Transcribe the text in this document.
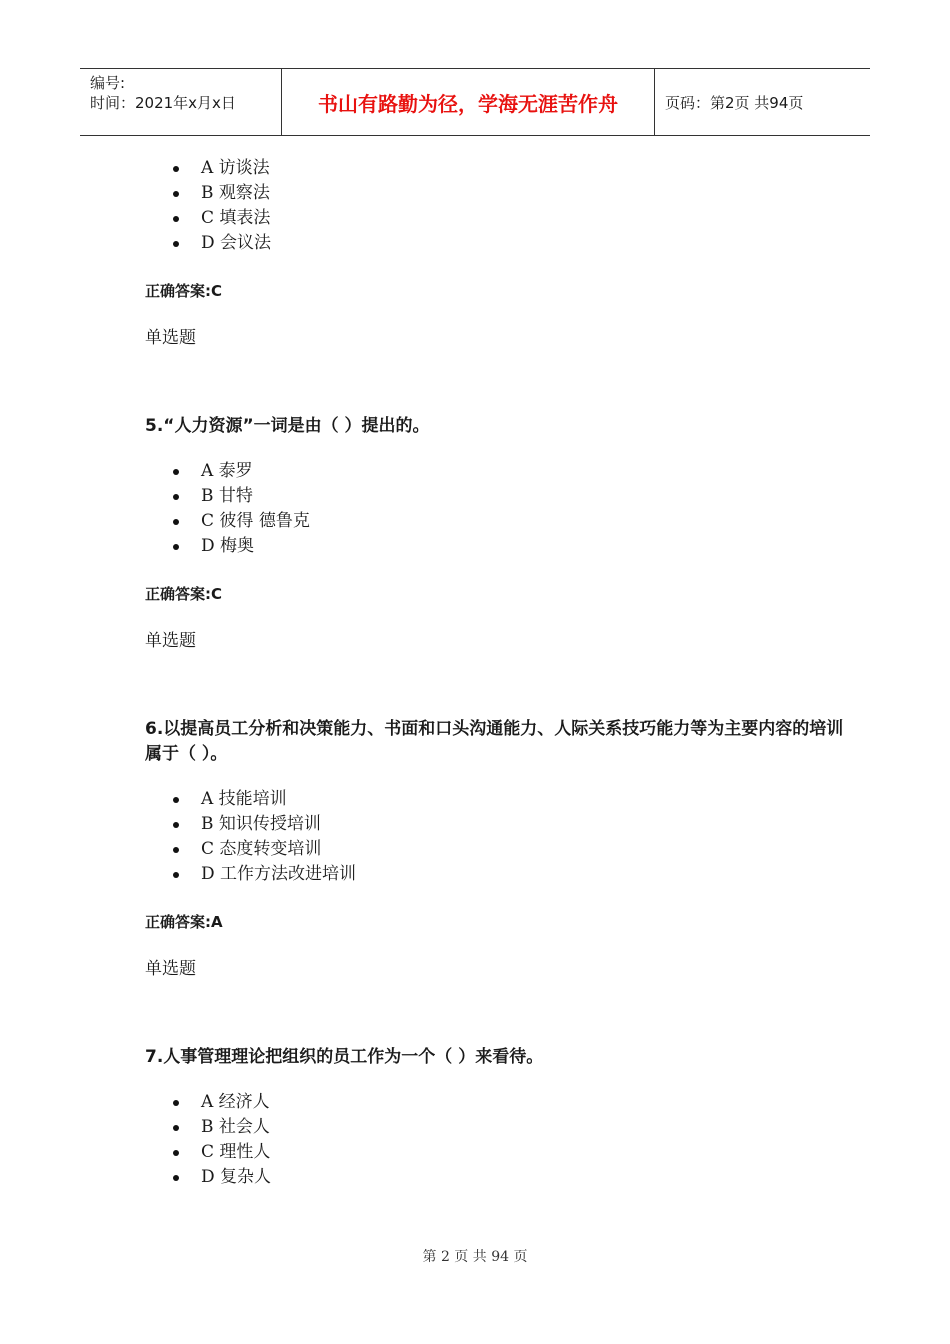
编号:
时间：2021年x月x日	书山有路勤为径，学海无涯苦作舟	页码：第2页 共94页
A 访谈法
B 观察法
C 填表法
D 会议法
正确答案:C
单选题
5.“人力资源”一词是由（ ）提出的。
A 泰罗
B 甘特
C 彼得 德鲁克
D 梅奥
正确答案:C
单选题
6.以提高员工分析和决策能力、书面和口头沟通能力、人际关系技巧能力等为主要内容的培训属于（ ）。
A 技能培训
B 知识传授培训
C 态度转变培训
D 工作方法改进培训
正确答案:A
单选题
7.人事管理理论把组织的员工作为一个（ ）来看待。
A 经济人
B 社会人
C 理性人
D 复杂人
第 2 页 共 94 页
